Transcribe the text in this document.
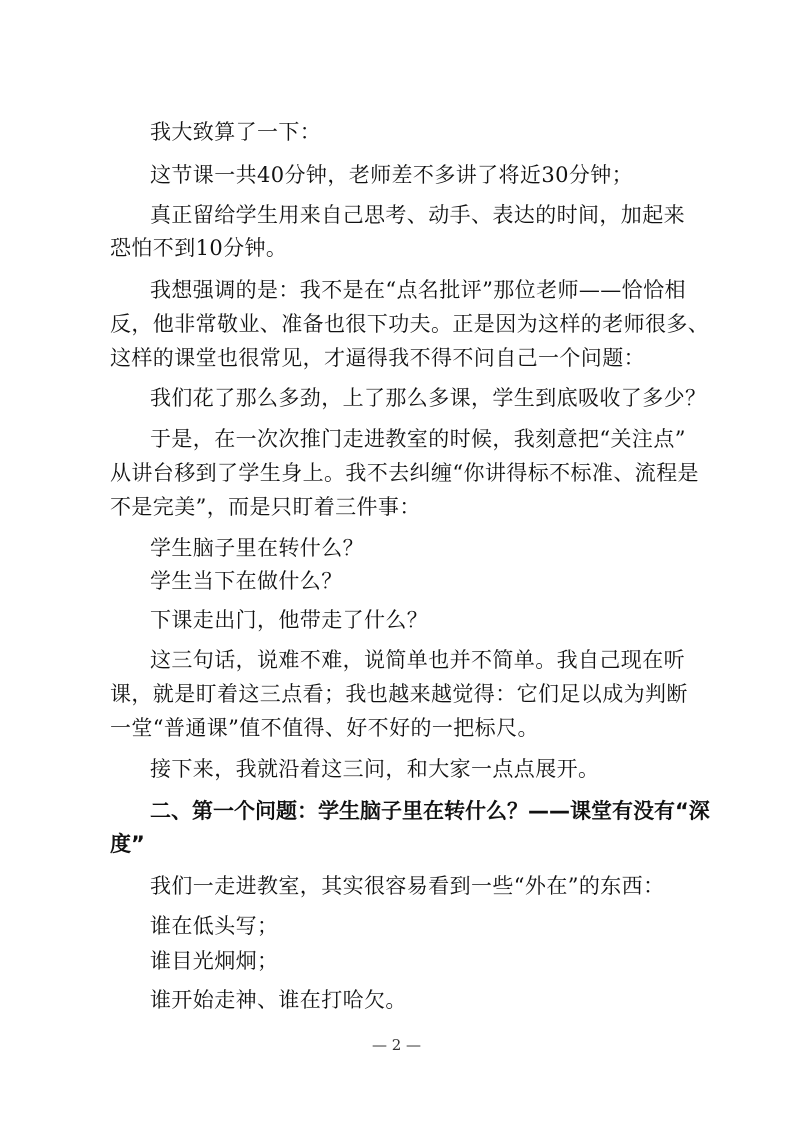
我大致算了一下：
这节课一共40分钟，老师差不多讲了将近30分钟；
真正留给学生用来自己思考、动手、表达的时间，加起来
恐怕不到10分钟。
我想强调的是：我不是在“点名批评”那位老师——恰恰相
反，他非常敬业、准备也很下功夫。正是因为这样的老师很多、
这样的课堂也很常见，才逼得我不得不问自己一个问题：
我们花了那么多劲，上了那么多课，学生到底吸收了多少？
于是，在一次次推门走进教室的时候，我刻意把“关注点”
从讲台移到了学生身上。我不去纠缠“你讲得标不标准、流程是
不是完美”，而是只盯着三件事：
学生脑子里在转什么？
学生当下在做什么？
下课走出门，他带走了什么？
这三句话，说难不难，说简单也并不简单。我自己现在听
课，就是盯着这三点看；我也越来越觉得：它们足以成为判断
一堂“普通课”值不值得、好不好的一把标尺。
接下来，我就沿着这三问，和大家一点点展开。
二、第一个问题：学生脑子里在转什么？——课堂有没有“深
度”
我们一走进教室，其实很容易看到一些“外在”的东西：
谁在低头写；
谁目光炯炯；
谁开始走神、谁在打哈欠。
— 2 —
